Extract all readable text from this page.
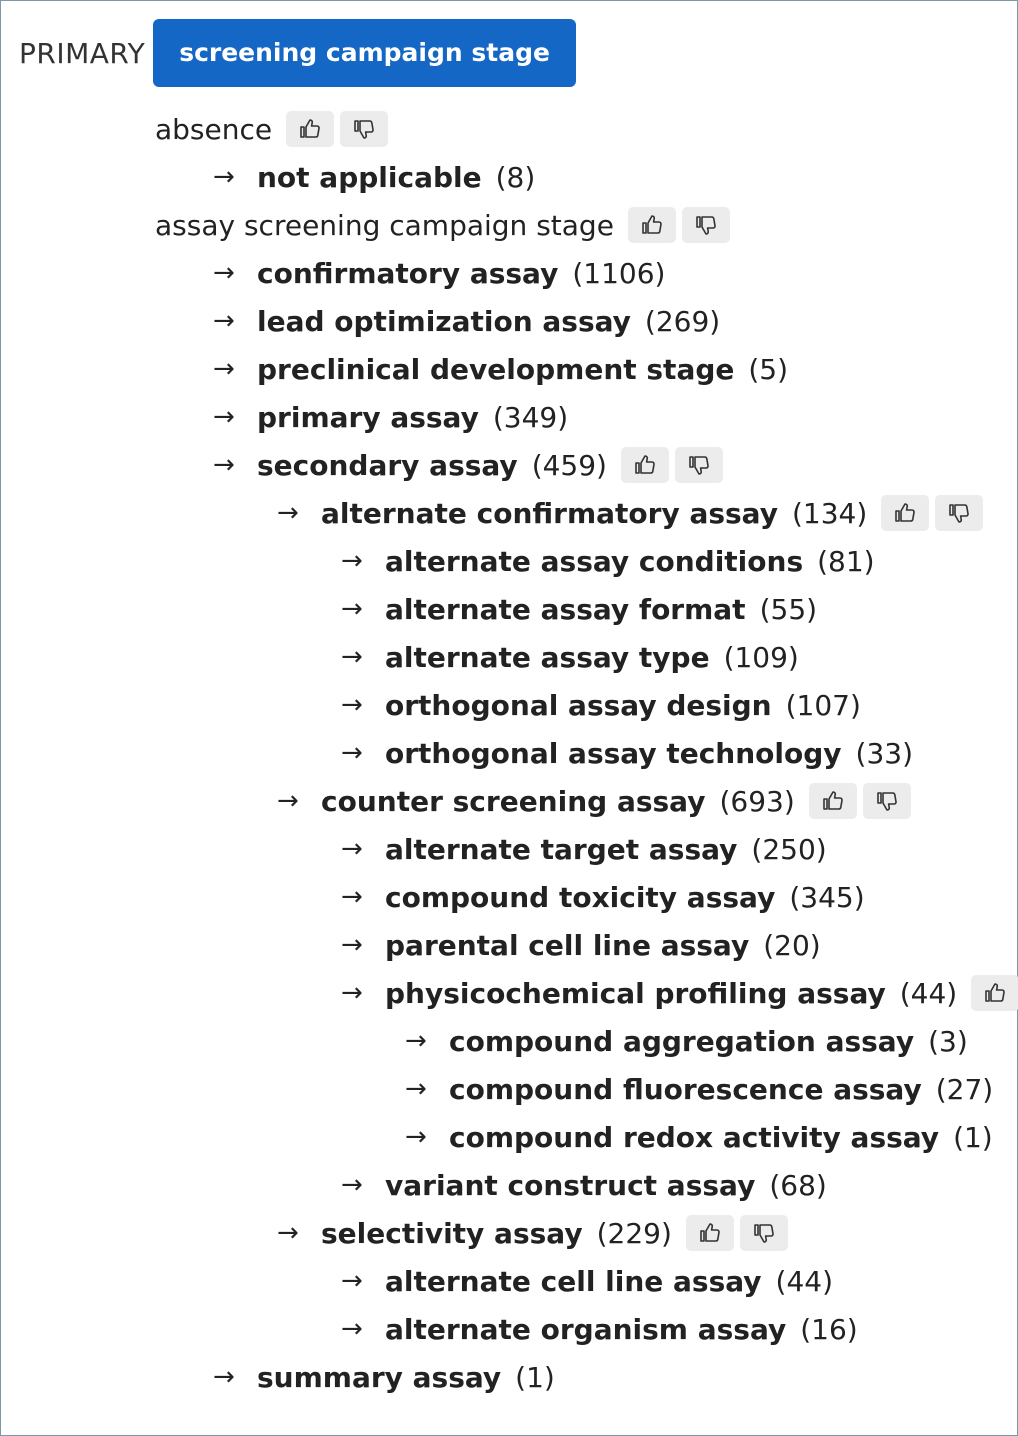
PRIMARY	screening campaign stage
absence
→ not applicable (8)
assay screening campaign stage
→ confirmatory assay (1106)
→ lead optimization assay (269)
→ preclinical development stage (5)
→ primary assay (349)
→ secondary assay (459)
→ alternate confirmatory assay (134)
→ alternate assay conditions (81)
→ alternate assay format (55)
→ alternate assay type (109)
→ orthogonal assay design (107)
→ orthogonal assay technology (33)
→ counter screening assay (693)
→ alternate target assay (250)
→ compound toxicity assay (345)
→ parental cell line assay (20)
→ physicochemical profiling assay (44)
→ compound aggregation assay (3)
→ compound fluorescence assay (27)
→ compound redox activity assay (1)
→ variant construct assay (68)
→ selectivity assay (229)
→ alternate cell line assay (44)
→ alternate organism assay (16)
→ summary assay (1)
